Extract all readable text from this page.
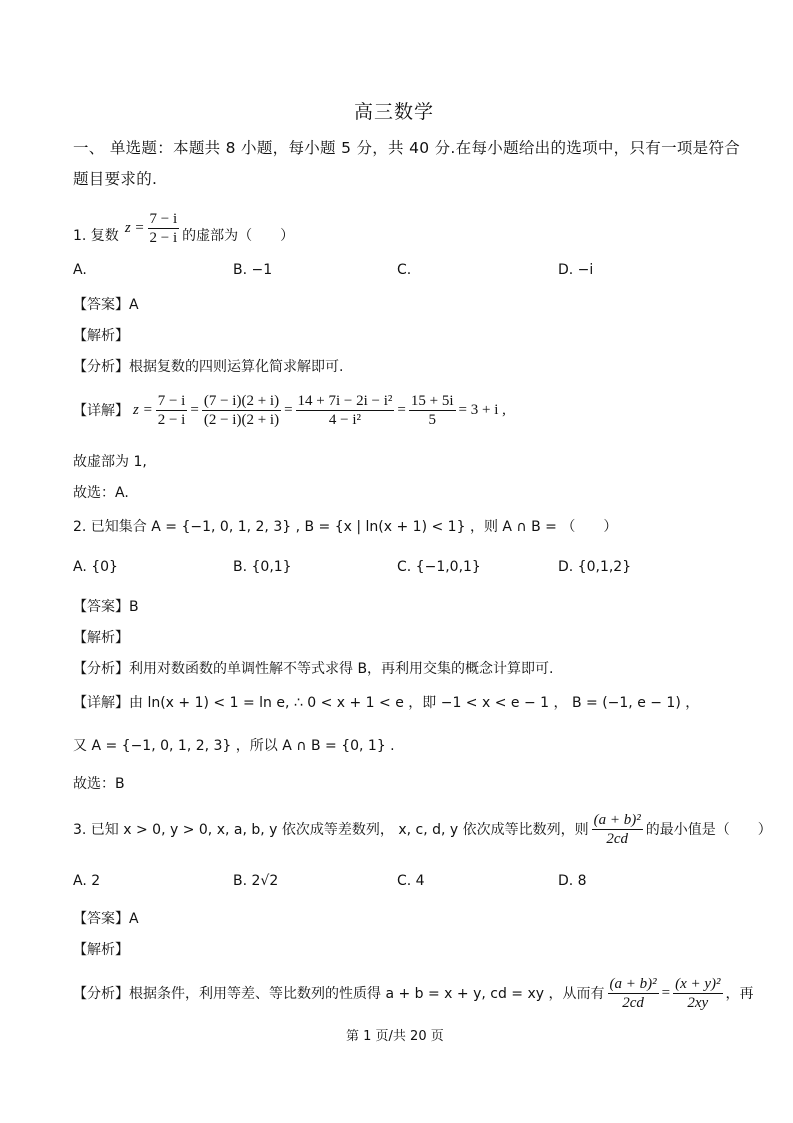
高三数学
一、 单选题：本题共 8 小题，每小题 5 分，共 40 分.在每小题给出的选项中，只有一项是符合
题目要求的.
1. 复数
$z = \frac{7 - i}{2 - i}$ 的虚部为（　　）
A.	B. −1	C.	D. −i
【答案】A
【解析】
【分析】根据复数的四则运算化简求解即可.
【详解】 $z = \frac{7 - i}{2 - i} = \frac{(7 - i)(2 + i)}{(2 - i)(2 + i)} = \frac{\text{14 + 7i − 2i − i²}}{\text{4 − i²}} = \frac{15 + 5i}{5} = 3 + i$ ,
故虚部为 1,
故选：A.
2. 已知集合 A = {−1, 0, 1, 2, 3} , B = {x | ln(x + 1) < 1} ，则 A ∩ B = （　　）
A. {0}	B. {0,1}	C. {−1,0,1}	D. {0,1,2}
【答案】B
【解析】
【分析】利用对数函数的单调性解不等式求得 B，再利用交集的概念计算即可.
【详解】由 ln(x + 1) < 1 = ln e, ∴ 0 < x + 1 < e ，即 −1 < x < e − 1 ， B = (−1, e − 1) ，
又 A = {−1, 0, 1, 2, 3} ，所以 A ∩ B = {0, 1} .
故选：B
3. 已知 x > 0, y > 0, x, a, b, y 依次成等差数列， x, c, d, y 依次成等比数列，则 $\frac{\text{(a + b)²}}{2cd}$ 的最小值是（　　）
A. 2	B. 2√2	C. 4	D. 8
【答案】A
【解析】
【分析】根据条件，利用等差、等比数列的性质得 a + b = x + y, cd = xy ，从而有 $\frac{\text{(a + b)²}}{2cd} = \frac{\text{(x + y)²}}{2xy}$ ，再
第 1 页/共 20 页
